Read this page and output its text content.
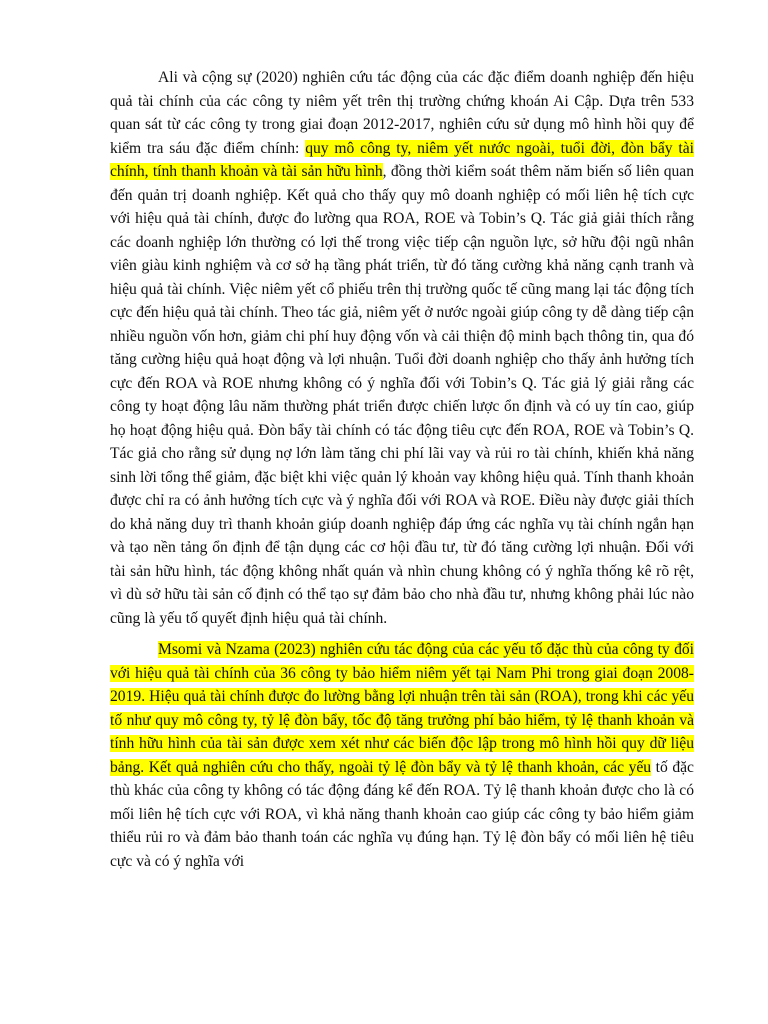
Ali và cộng sự (2020) nghiên cứu tác động của các đặc điểm doanh nghiệp đến hiệu quả tài chính của các công ty niêm yết trên thị trường chứng khoán Ai Cập. Dựa trên 533 quan sát từ các công ty trong giai đoạn 2012-2017, nghiên cứu sử dụng mô hình hồi quy để kiểm tra sáu đặc điểm chính: quy mô công ty, niêm yết nước ngoài, tuổi đời, đòn bẩy tài chính, tính thanh khoản và tài sản hữu hình, đồng thời kiểm soát thêm năm biến số liên quan đến quản trị doanh nghiệp. Kết quả cho thấy quy mô doanh nghiệp có mối liên hệ tích cực với hiệu quả tài chính, được đo lường qua ROA, ROE và Tobin’s Q. Tác giả giải thích rằng các doanh nghiệp lớn thường có lợi thế trong việc tiếp cận nguồn lực, sở hữu đội ngũ nhân viên giàu kinh nghiệm và cơ sở hạ tầng phát triển, từ đó tăng cường khả năng cạnh tranh và hiệu quả tài chính. Việc niêm yết cổ phiếu trên thị trường quốc tế cũng mang lại tác động tích cực đến hiệu quả tài chính. Theo tác giả, niêm yết ở nước ngoài giúp công ty dễ dàng tiếp cận nhiều nguồn vốn hơn, giảm chi phí huy động vốn và cải thiện độ minh bạch thông tin, qua đó tăng cường hiệu quả hoạt động và lợi nhuận. Tuổi đời doanh nghiệp cho thấy ảnh hưởng tích cực đến ROA và ROE nhưng không có ý nghĩa đối với Tobin’s Q. Tác giả lý giải rằng các công ty hoạt động lâu năm thường phát triển được chiến lược ổn định và có uy tín cao, giúp họ hoạt động hiệu quả. Đòn bẩy tài chính có tác động tiêu cực đến ROA, ROE và Tobin’s Q. Tác giả cho rằng sử dụng nợ lớn làm tăng chi phí lãi vay và rủi ro tài chính, khiến khả năng sinh lời tổng thể giảm, đặc biệt khi việc quản lý khoản vay không hiệu quả. Tính thanh khoản được chỉ ra có ảnh hưởng tích cực và ý nghĩa đối với ROA và ROE. Điều này được giải thích do khả năng duy trì thanh khoản giúp doanh nghiệp đáp ứng các nghĩa vụ tài chính ngắn hạn và tạo nền tảng ổn định để tận dụng các cơ hội đầu tư, từ đó tăng cường lợi nhuận. Đối với tài sản hữu hình, tác động không nhất quán và nhìn chung không có ý nghĩa thống kê rõ rệt, vì dù sở hữu tài sản cố định có thể tạo sự đảm bảo cho nhà đầu tư, nhưng không phải lúc nào cũng là yếu tố quyết định hiệu quả tài chính.

Msomi và Nzama (2023) nghiên cứu tác động của các yếu tố đặc thù của công ty đối với hiệu quả tài chính của 36 công ty bảo hiểm niêm yết tại Nam Phi trong giai đoạn 2008-2019. Hiệu quả tài chính được đo lường bằng lợi nhuận trên tài sản (ROA), trong khi các yếu tố như quy mô công ty, tỷ lệ đòn bẩy, tốc độ tăng trưởng phí bảo hiểm, tỷ lệ thanh khoản và tính hữu hình của tài sản được xem xét như các biến độc lập trong mô hình hồi quy dữ liệu bảng. Kết quả nghiên cứu cho thấy, ngoài tỷ lệ đòn bẩy và tỷ lệ thanh khoản, các yếu tố đặc thù khác của công ty không có tác động đáng kể đến ROA. Tỷ lệ thanh khoản được cho là có mối liên hệ tích cực với ROA, vì khả năng thanh khoản cao giúp các công ty bảo hiểm giảm thiểu rủi ro và đảm bảo thanh toán các nghĩa vụ đúng hạn. Tỷ lệ đòn bẩy có mối liên hệ tiêu cực và có ý nghĩa với
